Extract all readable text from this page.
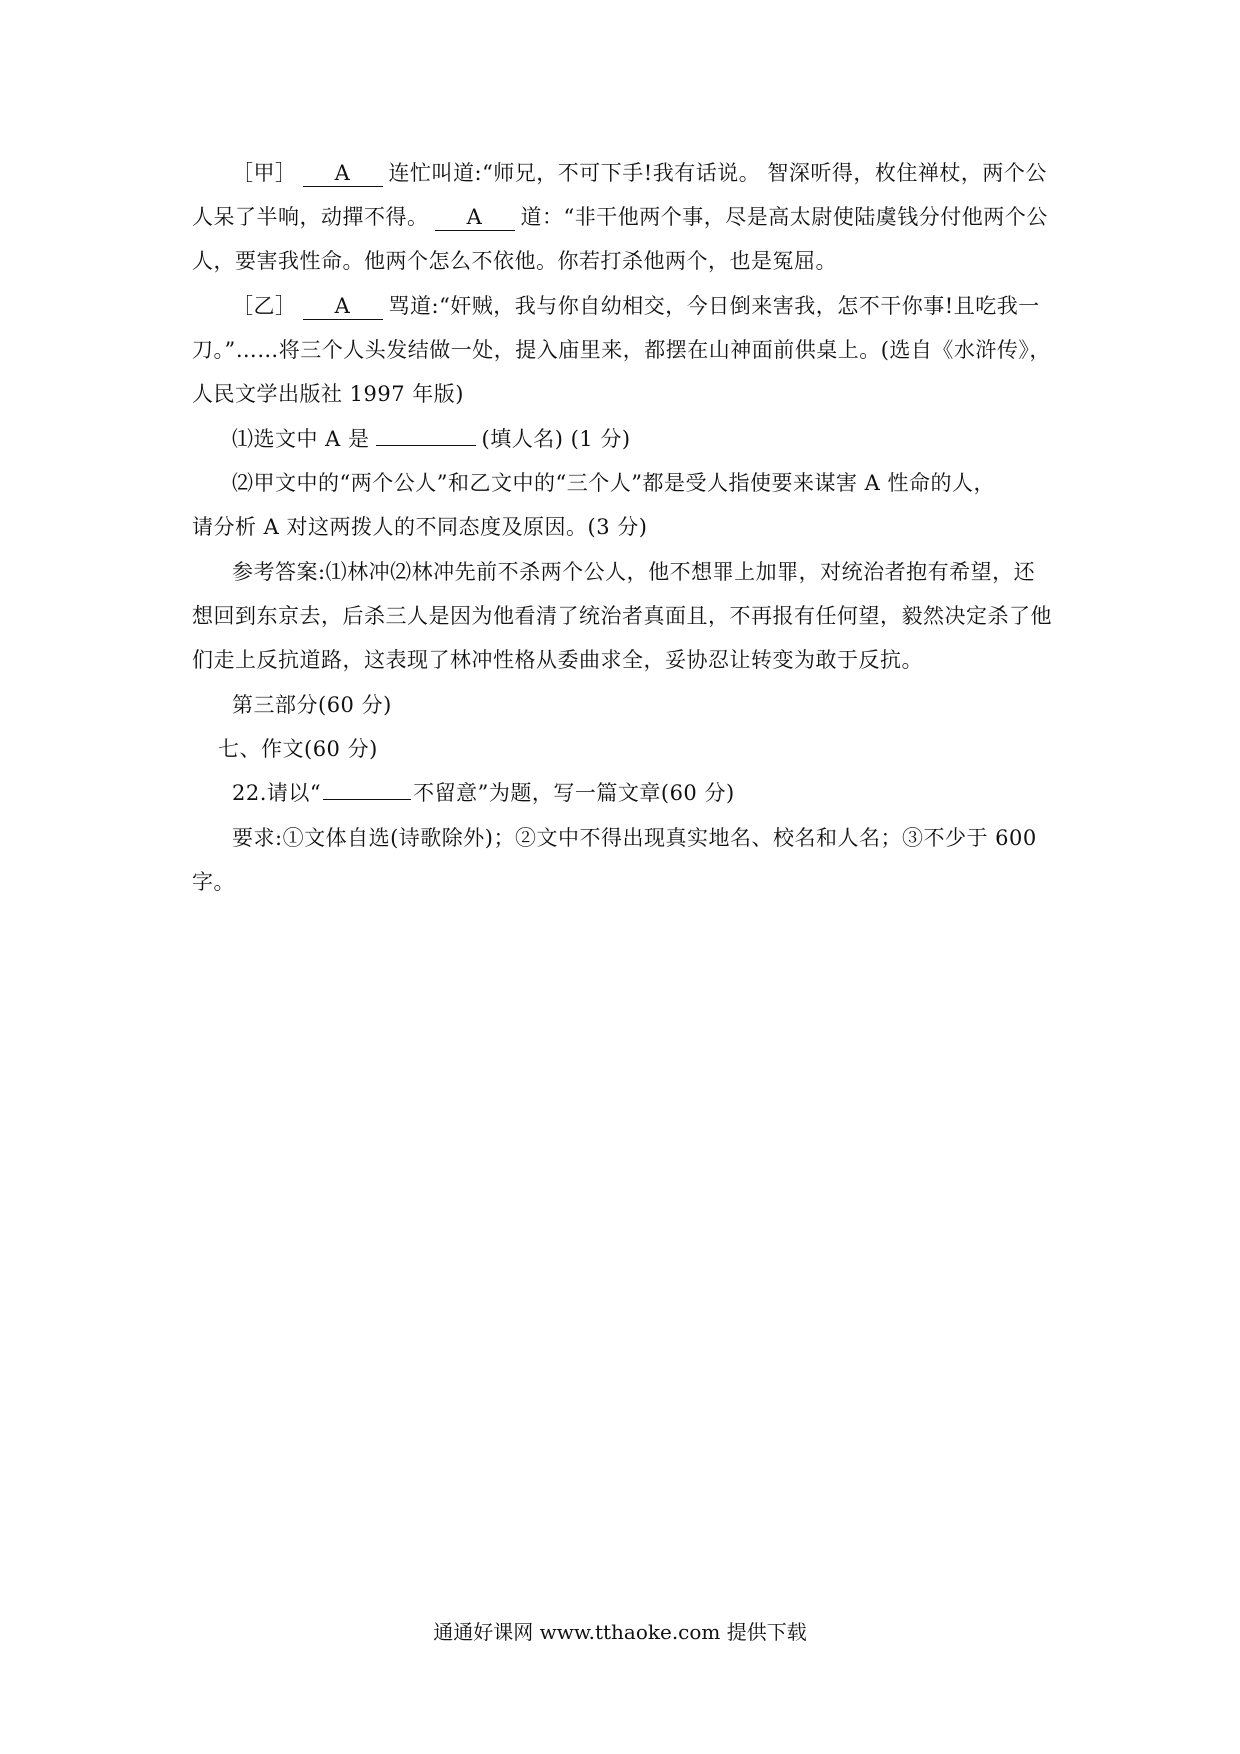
［甲］ A 连忙叫道:“师兄，不可下手!我有话说。 智深听得，枚住禅杖，两个公
人呆了半响，动撣不得。 A 道：“非干他两个事，尽是高太尉使陆虞钱分付他两个公
人，要害我性命。他两个怎么不依他。你若打杀他两个，也是冤屈。
［乙］ A 骂道:“奸贼，我与你自幼相交，今日倒来害我，怎不干你事!且吃我一
刀。”……将三个人头发结做一处，提入庙里来，都摆在山神面前供桌上。(选自《水浒传》，
人民文学出版社 1997 年版)
⑴选文中 A 是	(填人名) (1 分)
⑵甲文中的“两个公人”和乙文中的“三个人”都是受人指使要来谋害 A 性命的人，
请分析 A 对这两拨人的不同态度及原因。(3 分)
参考答案:⑴林冲⑵林冲先前不杀两个公人，他不想罪上加罪，对统治者抱有希望，还
想回到东京去，后杀三人是因为他看清了统治者真面且，不再报有任何望，毅然决定杀了他
们走上反抗道路，这表现了林冲性格从委曲求全，妥协忍让转变为敢于反抗。
第三部分(60 分)
七、作文(60 分)
22.请以“	不留意”为题，写一篇文章(60 分)
要求:①文体自选(诗歌除外)；②文中不得出现真实地名、校名和人名；③不少于 600
字。
通通好课网 www.tthaoke.com 提供下载
